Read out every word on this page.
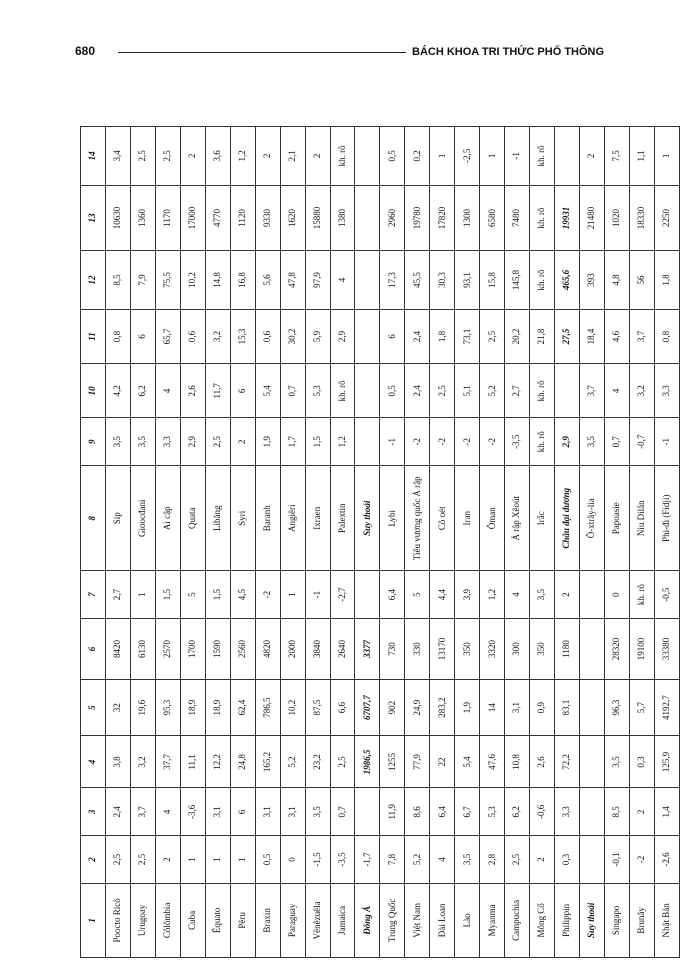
680	BÁCH KHOA TRI THỨC PHỔ THÔNG
1	2	3	4	5	6	7	8	9	10	11	12	13	14
Poocto Ricô	2,5	2,4	3,8	32	8420	2,7	Síp	3,5	4,2	0,8	8,5	10630	3,4
Urugoay	2,5	3,7	3,2	19,6	6130	1	Gioocđani	3,5	6,2	6	7,9	1360	2,5
Côlômbia	2	4	37,7	95,3	2570	1,5	Ai cập	3,3	4	65,7	75,5	1170	2,5
Cuba	1	-3,6	11,1	18,9	1700	5	Quata	2,9	2,6	0,6	10,2	17000	2
Êquato	1	3,1	12,2	18,9	1590	1,5	Libăng	2,5	11,7	3,2	14,8	4770	3,6
Pêru	1	6	24,8	62,4	2560	4,5	Syri	2	6	15,3	16,8	1120	1,2
Braxin	0,5	3,1	165,2	786,5	4820	-2	Baranh	1,9	5,4	0,6	5,6	9330	2
Paraguay	0	3,1	5,2	10,2	2000	1	Angiêri	1,7	0,7	30,2	47,8	1620	2,1
Vênêzuêla	-1,5	3,5	23,2	87,5	3840	-1	Ixraen	1,5	5,3	5,9	97,9	15880	2
Jamaica	-3,5	0,7	2,5	6,6	2640	-2,7	Palextin	1,2	kh. rõ	2,9	4	1380	kh. rõ
Đông Á	-1,7		1986,5	6707,7	3377		Suy thoái						
Trung Quốc	7,8	11,9	1255	902	730	6,4	Lybi	-1	0,5	6	17,3	2960	0,5
Việt Nam	5,2	8,6	77,9	24,9	330	5	Tiểu vương quốc Ả rập	-2	2,4	2,4	45,5	19780	0,2
Đài Loan	4	6,4	22	283,2	13170	4,4	Cô oét	-2	2,5	1,8	30,3	17820	1
Lào	3,5	6,7	5,4	1,9	350	3,9	Iran	-2	5,1	73,1	93,1	1300	-2,5
Myanma	2,8	5,3	47,6	14	3320	1,2	Ôman	-2	5,2	2,5	15,8	6580	1
Campuchia	2,5	6,2	10,8	3,1	300	4	Ả rập Xêoút	-3,5	2,7	20,2	145,8	7480	-1
Mông Cổ	2	-0,6	2,6	0,9	350	3,5	Irắc	kh. rõ	kh. rõ	21,8	kh. rõ	kh. rõ	kh. rõ
Philippin	0,3	3,3	72,2	83,1	1180	2	Châu đại dương	2,9		27,5	465,6	19931	
Suy thoái							Ô-xtrây-lia	3,5	3,7	18,4	393	21480	2
Singapo	-0,1	8,5	3,5	96,3	28320	0	Papoasie	0,7	4	4,6	4,8	1020	7,5
Brunây	-2	2	0,3	5,7	19100	kh. rõ	Niu Dilân	-0,7	3,2	3,7	56	18330	1,1
Nhật Bản	-2,6	1,4	125,9	4192,7	33380	-0,5	Phi-đi (Fidji)	-1	3,3	0,8	1,8	2250	1
